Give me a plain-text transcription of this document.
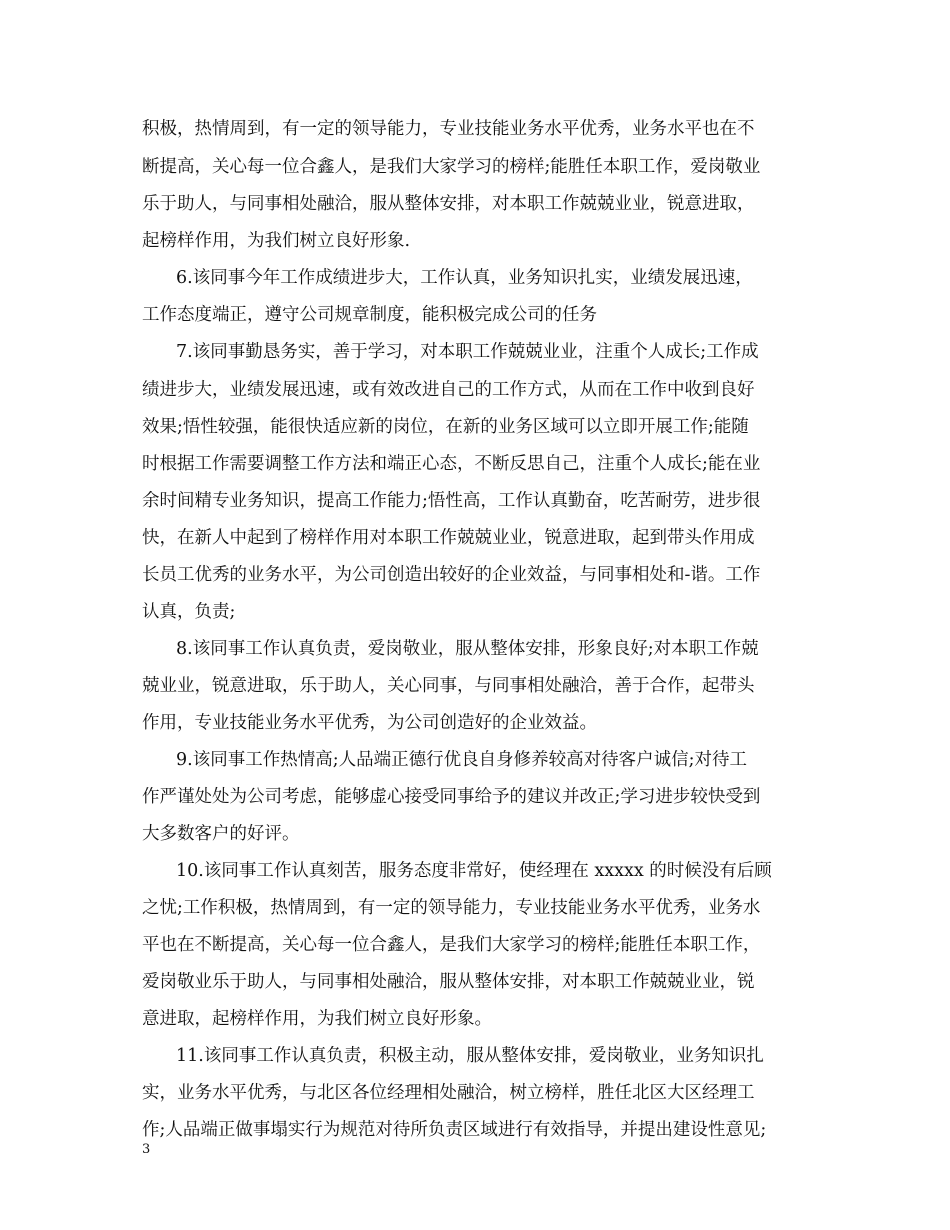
积极，热情周到，有一定的领导能力，专业技能业务水平优秀，业务水平也在不
断提高，关心每一位合鑫人，是我们大家学习的榜样;能胜任本职工作，爱岗敬业
乐于助人，与同事相处融洽，服从整体安排，对本职工作兢兢业业，锐意进取，
起榜样作用，为我们树立良好形象.
6.该同事今年工作成绩进步大，工作认真，业务知识扎实，业绩发展迅速，
工作态度端正，遵守公司规章制度，能积极完成公司的任务
7.该同事勤恳务实，善于学习，对本职工作兢兢业业，注重个人成长;工作成
绩进步大，业绩发展迅速，或有效改进自己的工作方式，从而在工作中收到良好
效果;悟性较强，能很快适应新的岗位，在新的业务区域可以立即开展工作;能随
时根据工作需要调整工作方法和端正心态，不断反思自己，注重个人成长;能在业
余时间精专业务知识，提高工作能力;悟性高，工作认真勤奋，吃苦耐劳，进步很
快，在新人中起到了榜样作用对本职工作兢兢业业，锐意进取，起到带头作用成
长员工优秀的业务水平，为公司创造出较好的企业效益，与同事相处和-谐。工作
认真，负责;
8.该同事工作认真负责，爱岗敬业，服从整体安排，形象良好;对本职工作兢
兢业业，锐意进取，乐于助人，关心同事，与同事相处融洽，善于合作，起带头
作用，专业技能业务水平优秀，为公司创造好的企业效益。
9.该同事工作热情高;人品端正德行优良自身修养较高对待客户诚信;对待工
作严谨处处为公司考虑，能够虚心接受同事给予的建议并改正;学习进步较快受到
大多数客户的好评。
10.该同事工作认真刻苦，服务态度非常好，使经理在 xxxxx 的时候没有后顾
之忧;工作积极，热情周到，有一定的领导能力，专业技能业务水平优秀，业务水
平也在不断提高，关心每一位合鑫人，是我们大家学习的榜样;能胜任本职工作，
爱岗敬业乐于助人，与同事相处融洽，服从整体安排，对本职工作兢兢业业，锐
意进取，起榜样作用，为我们树立良好形象。
11.该同事工作认真负责，积极主动，服从整体安排，爱岗敬业，业务知识扎
实，业务水平优秀，与北区各位经理相处融洽，树立榜样，胜任北区大区经理工
作;人品端正做事塌实行为规范对待所负责区域进行有效指导，并提出建设性意见;
3
